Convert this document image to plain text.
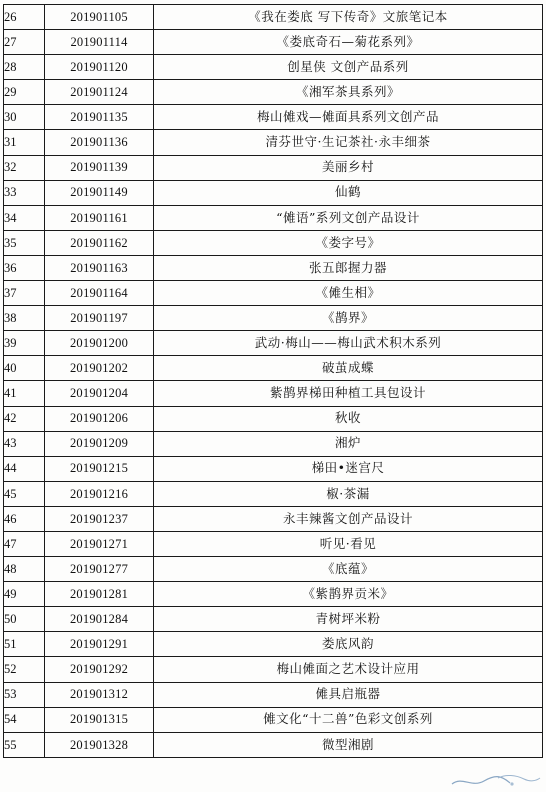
26	201901105	《我在娄底 写下传奇》文旅笔记本
27	201901114	《娄底奇石—菊花系列》
28	201901120	创星侠 文创产品系列
29	201901124	《湘军茶具系列》
30	201901135	梅山傩戏—傩面具系列文创产品
31	201901136	清芬世守·生记茶社·永丰细茶
32	201901139	美丽乡村
33	201901149	仙鹤
34	201901161	“傩语”系列文创产品设计
35	201901162	《娄字号》
36	201901163	张五郎握力器
37	201901164	《傩生相》
38	201901197	《鹊界》
39	201901200	武动·梅山——梅山武术积木系列
40	201901202	破茧成蝶
41	201901204	紫鹊界梯田种植工具包设计
42	201901206	秋收
43	201901209	湘炉
44	201901215	梯田•迷宫尺
45	201901216	椒·茶漏
46	201901237	永丰辣酱文创产品设计
47	201901271	听见·看见
48	201901277	《底蕴》
49	201901281	《紫鹊界贡米》
50	201901284	青树坪米粉
51	201901291	娄底风韵
52	201901292	梅山傩面之艺术设计应用
53	201901312	傩具启瓶器
54	201901315	傩文化“十二兽”色彩文创系列
55	201901328	微型湘剧
